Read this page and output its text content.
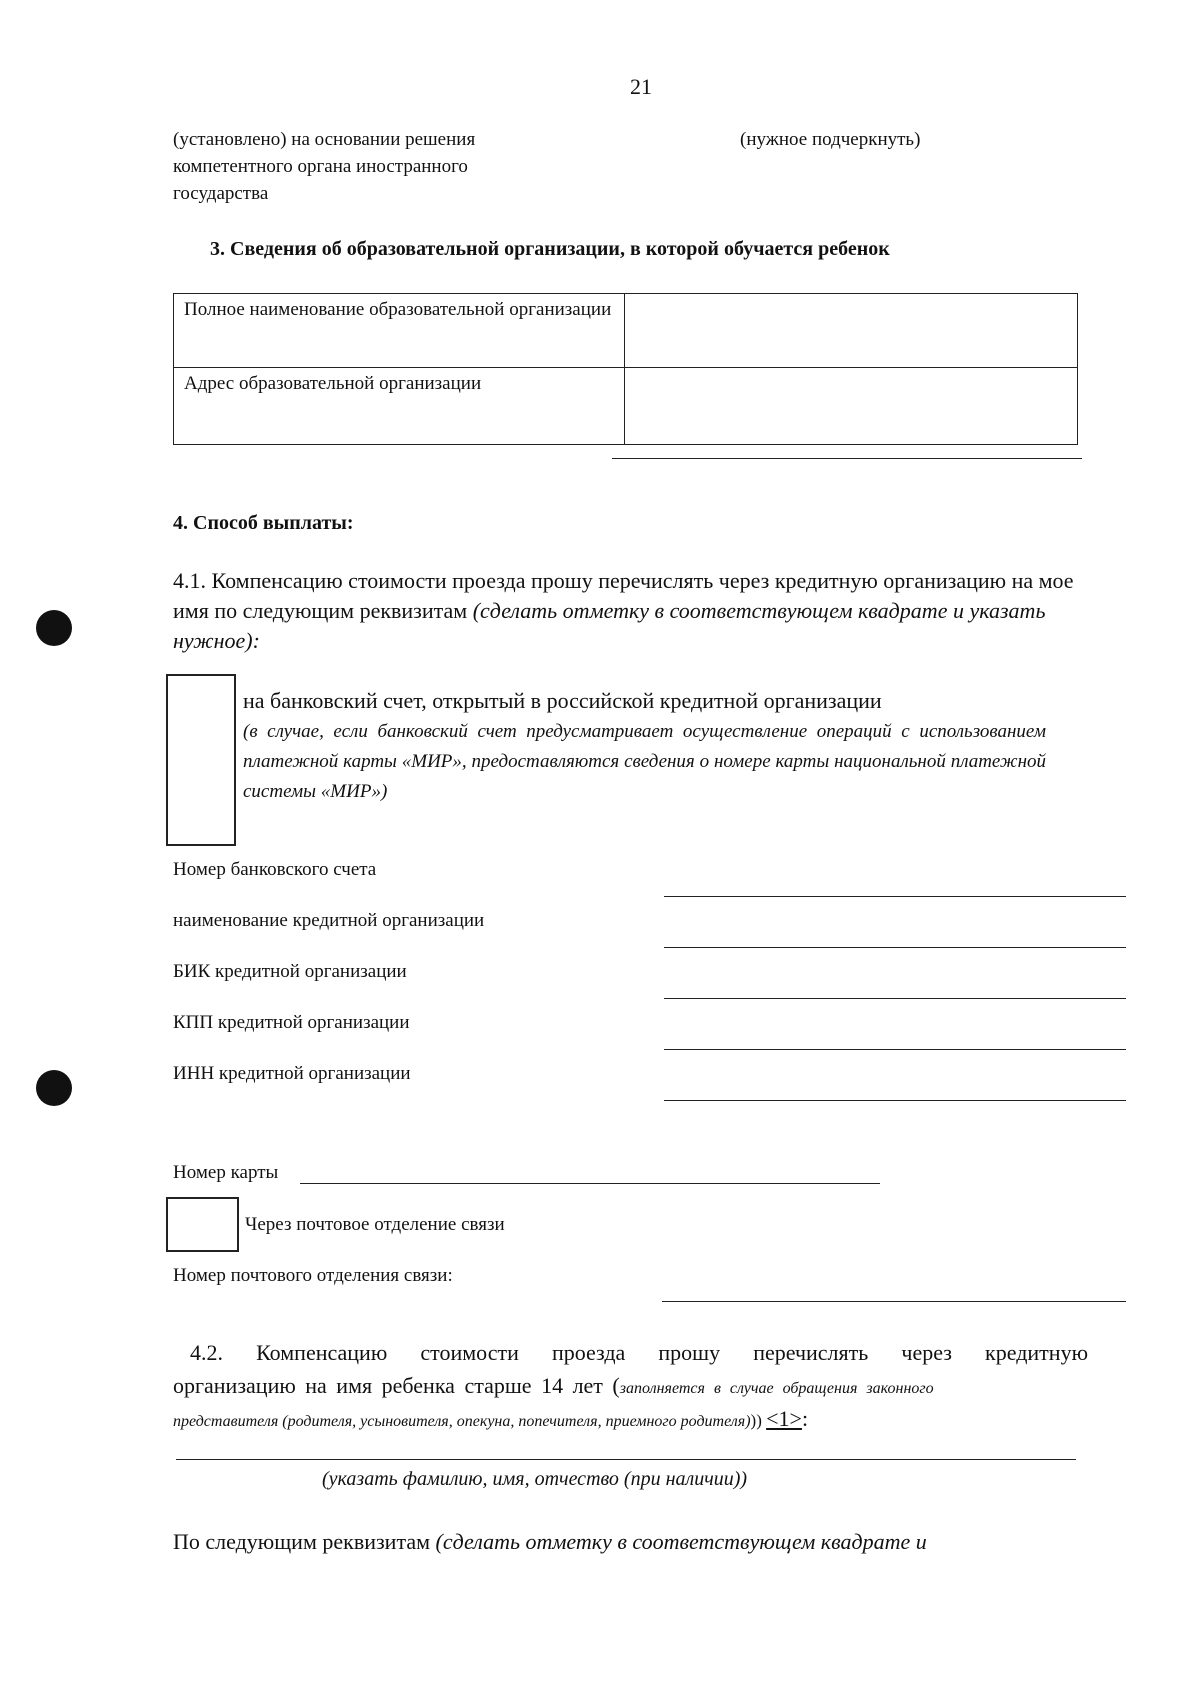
21
(установлено) на основании решения
компетентного органа иностранного
государства
(нужное подчеркнуть)
3. Сведения об образовательной организации, в которой обучается ребенок
Полное наименование образовательной организации	
Адрес образовательной организации	
4. Способ выплаты:
4.1. Компенсацию стоимости проезда прошу перечислять через кредитную организацию на мое имя по следующим реквизитам (сделать отметку в соответствующем квадрате и указать нужное):
на банковский счет, открытый в российской кредитной организации
(в случае, если банковский счет предусматривает осуществление операций с использованием платежной карты «МИР», предоставляются сведения о номере карты национальной платежной системы «МИР»)
Номер банковского счета
наименование кредитной организации
БИК кредитной организации
КПП кредитной организации
ИНН кредитной организации
Номер карты
Через почтовое отделение связи
Номер почтового отделения связи:
4.2. Компенсацию стоимости проезда прошу перечислять через кредитную
организацию на имя ребенка старше 14 лет (заполняется в случае обращения законного
представителя (родителя, усыновителя, опекуна, попечителя, приемного родителя))) <1>:
(указать фамилию, имя, отчество (при наличии))
По следующим реквизитам (сделать отметку в соответствующем квадрате и
